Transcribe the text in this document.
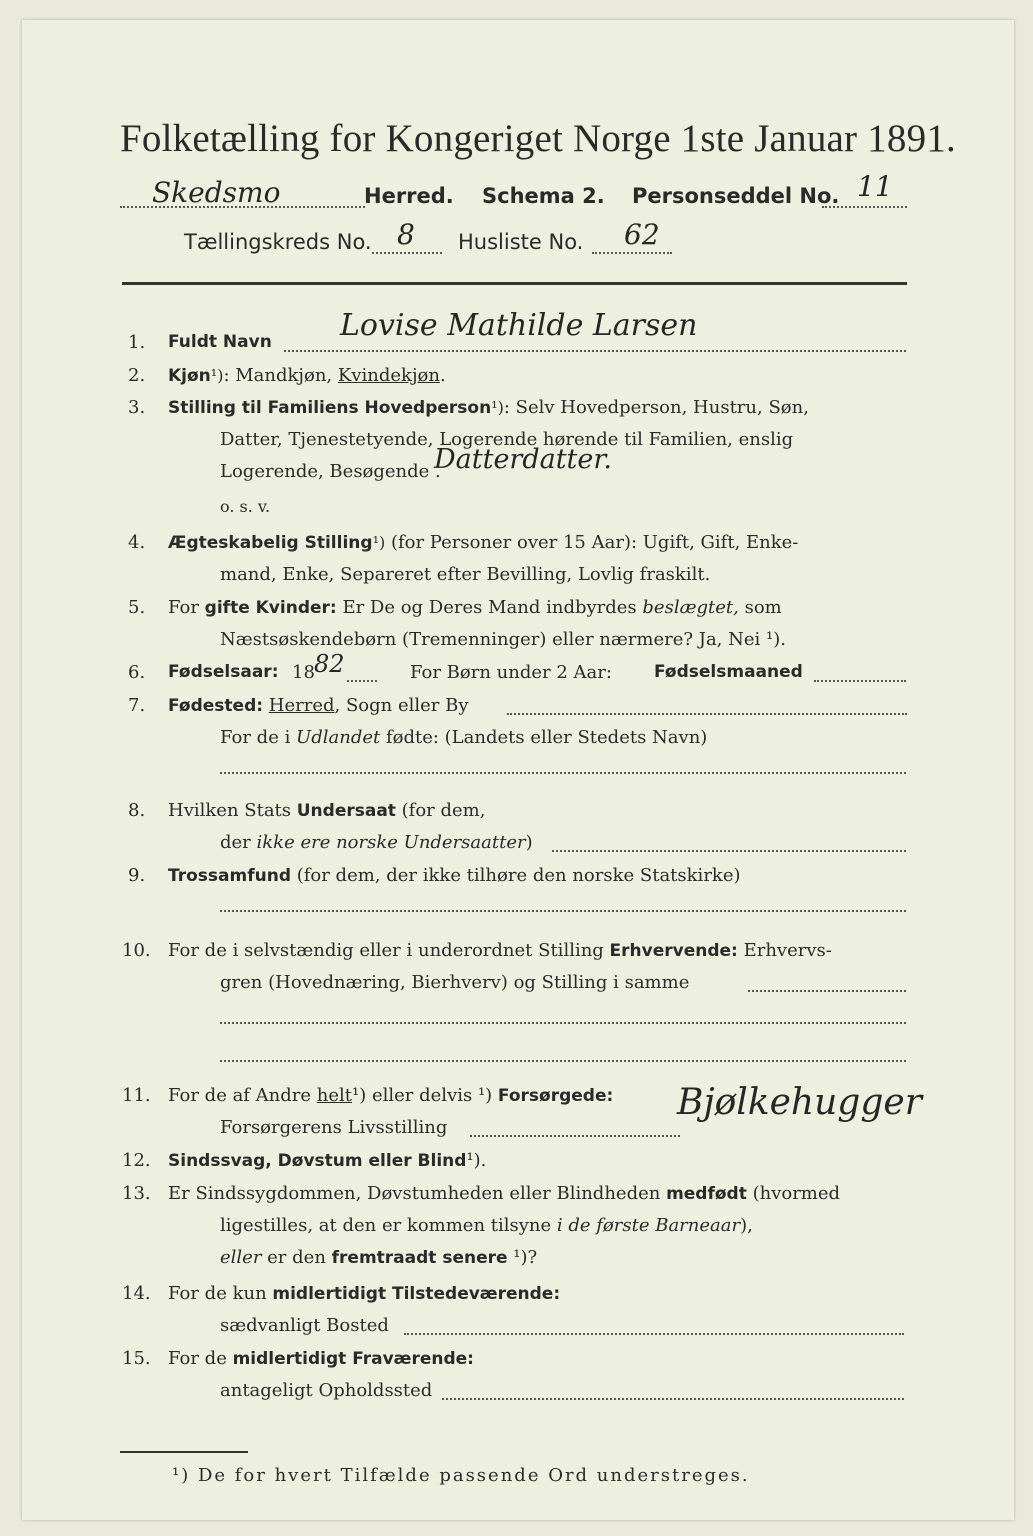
Folketælling for Kongeriget Norge 1ste Januar 1891.
Skedsmo	Herred. Schema 2. Personseddel No. 11
Tællingskreds No. 8 Husliste No. 62
1. Fuldt Navn Lovise Mathilde Larsen
2. Kjøn¹): Mandkjøn, Kvindekjøn.
3. Stilling til Familiens Hovedperson¹): Selv Hovedperson, Hustru, Søn,
Datter, Tjenestetyende, Logerende hørende til Familien, enslig
Logerende, Besøgende .
Datterdatter.
o. s. v.
4. Ægteskabelig Stilling¹) (for Personer over 15 Aar): Ugift, Gift, Enke-
mand, Enke, Separeret efter Bevilling, Lovlig fraskilt.
5. For gifte Kvinder: Er De og Deres Mand indbyrdes beslægtet, som
Næstsøskendebørn (Tremenninger) eller nærmere? Ja, Nei ¹).
6. Fødselsaar: 18 82	For Børn under 2 Aar: Fødselsmaaned
7. Fødested: Herred, Sogn eller By
For de i Udlandet fødte: (Landets eller Stedets Navn)
8. Hvilken Stats Undersaat (for dem,
der ikke ere norske Undersaatter)
9. Trossamfund (for dem, der ikke tilhøre den norske Statskirke)
10. For de i selvstændig eller i underordnet Stilling Erhvervende: Erhvervs-
gren (Hovednæring, Bierhverv) og Stilling i samme
11. For de af Andre helt¹) eller delvis ¹) Forsørgede:
Forsørgerens Livsstilling
Bjølkehugger
12. Sindssvag, Døvstum eller Blind¹).
13. Er Sindssygdommen, Døvstumheden eller Blindheden medfødt (hvormed
ligestilles, at den er kommen tilsyne i de første Barneaar),
eller er den fremtraadt senere ¹)?
14. For de kun midlertidigt Tilstedeværende:
sædvanligt Bosted
15. For de midlertidigt Fraværende:
antageligt Opholdssted
¹) De for hvert Tilfælde passende Ord understreges.
